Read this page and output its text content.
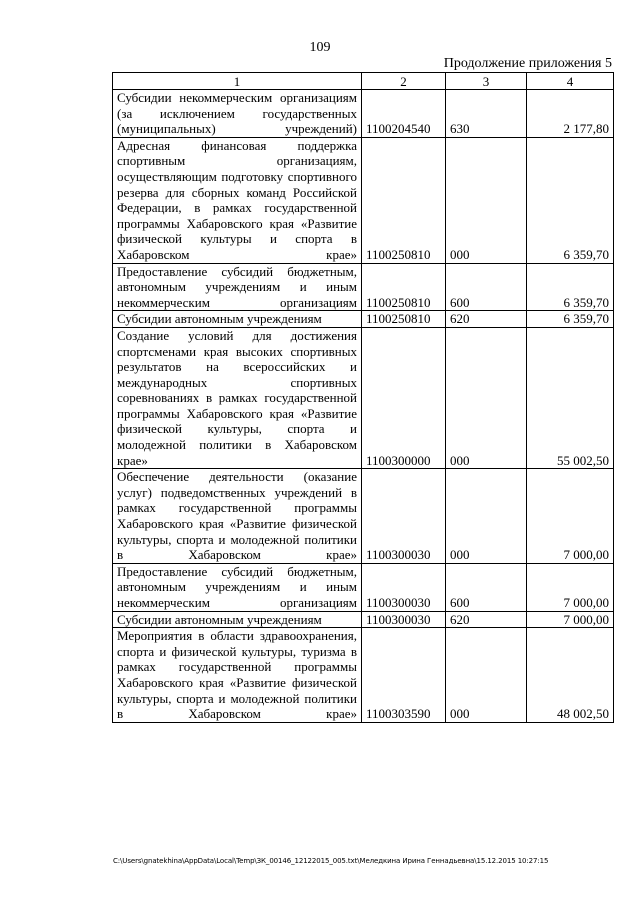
109
Продолжение приложения 5
1	2	3	4
Субсидии некоммерческим организациям (за исключением государственных (муниципальных) учреждений)	1100204540	630	2 177,80
Адресная финансовая поддержка спортивным организациям, осуществляющим подготовку спортивного резерва для сборных команд Российской Федерации, в рамках государственной программы Хабаровского края «Развитие физической культуры и спорта в Хабаровском крае»	1100250810	000	6 359,70
Предоставление субсидий бюджетным, автономным учреждениям и иным некоммерческим организациям	1100250810	600	6 359,70
Субсидии автономным учреждениям	1100250810	620	6 359,70
Создание условий для достижения спортсменами края высоких спортивных результатов на всероссийских и международных спортивных соревнованиях в рамках государственной программы Хабаровского края «Развитие физической культуры, спорта и молодежной политики в Хабаровском крае»	1100300000	000	55 002,50
Обеспечение деятельности (оказание услуг) подведомственных учреждений в рамках государственной программы Хабаровского края «Развитие физической культуры, спорта и молодежной политики в Хабаровском крае»	1100300030	000	7 000,00
Предоставление субсидий бюджетным, автономным учреждениям и иным некоммерческим организациям	1100300030	600	7 000,00
Субсидии автономным учреждениям	1100300030	620	7 000,00
Мероприятия в области здравоохранения, спорта и физической культуры, туризма в рамках государственной программы Хабаровского края «Развитие физической культуры, спорта и молодежной политики в Хабаровском крае»	1100303590	000	48 002,50
C:\Users\gnatekhina\AppData\Local\Temp\ЗК_00146_12122015_005.txt\Меледкина Ирина Геннадьевна\15.12.2015 10:27:15
